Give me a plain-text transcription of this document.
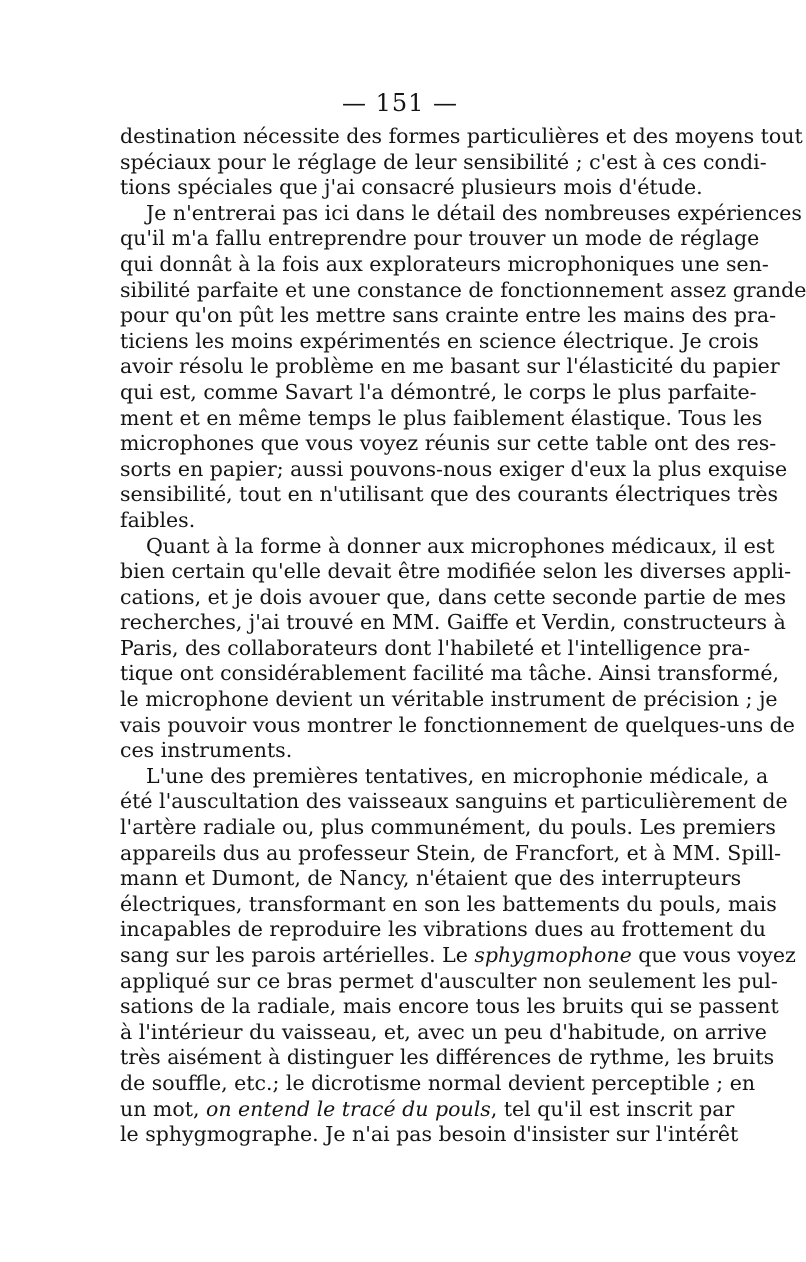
— 151 —
destination nécessite des formes particulières et des moyens tout
spéciaux pour le réglage de leur sensibilité ; c'est à ces condi-
tions spéciales que j'ai consacré plusieurs mois d'étude.
Je n'entrerai pas ici dans le détail des nombreuses expériences
qu'il m'a fallu entreprendre pour trouver un mode de réglage
qui donnât à la fois aux explorateurs microphoniques une sen-
sibilité parfaite et une constance de fonctionnement assez grande
pour qu'on pût les mettre sans crainte entre les mains des pra-
ticiens les moins expérimentés en science électrique. Je crois
avoir résolu le problème en me basant sur l'élasticité du papier
qui est, comme Savart l'a démontré, le corps le plus parfaite-
ment et en même temps le plus faiblement élastique. Tous les
microphones que vous voyez réunis sur cette table ont des res-
sorts en papier; aussi pouvons-nous exiger d'eux la plus exquise
sensibilité, tout en n'utilisant que des courants électriques très
faibles.
Quant à la forme à donner aux microphones médicaux, il est
bien certain qu'elle devait être modifiée selon les diverses appli-
cations, et je dois avouer que, dans cette seconde partie de mes
recherches, j'ai trouvé en MM. Gaiffe et Verdin, constructeurs à
Paris, des collaborateurs dont l'habileté et l'intelligence pra-
tique ont considérablement facilité ma tâche. Ainsi transformé,
le microphone devient un véritable instrument de précision ; je
vais pouvoir vous montrer le fonctionnement de quelques-uns de
ces instruments.
L'une des premières tentatives, en microphonie médicale, a
été l'auscultation des vaisseaux sanguins et particulièrement de
l'artère radiale ou, plus communément, du pouls. Les premiers
appareils dus au professeur Stein, de Francfort, et à MM. Spill-
mann et Dumont, de Nancy, n'étaient que des interrupteurs
électriques, transformant en son les battements du pouls, mais
incapables de reproduire les vibrations dues au frottement du
sang sur les parois artérielles. Le sphygmophone que vous voyez
appliqué sur ce bras permet d'ausculter non seulement les pul-
sations de la radiale, mais encore tous les bruits qui se passent
à l'intérieur du vaisseau, et, avec un peu d'habitude, on arrive
très aisément à distinguer les différences de rythme, les bruits
de souffle, etc.; le dicrotisme normal devient perceptible ; en
un mot, on entend le tracé du pouls, tel qu'il est inscrit par
le sphygmographe. Je n'ai pas besoin d'insister sur l'intérêt
